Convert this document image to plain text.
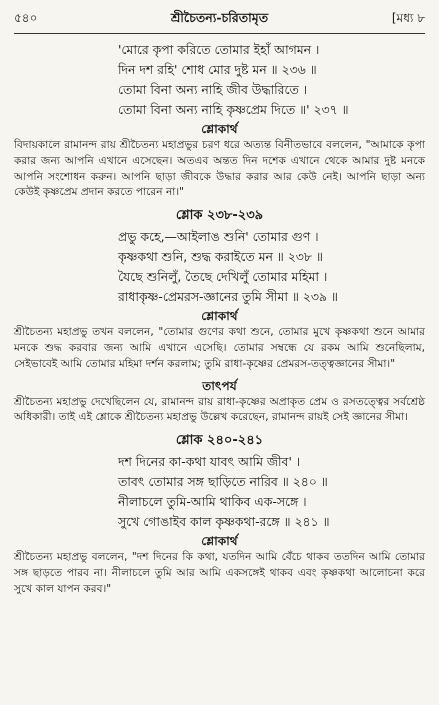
৫৪০	শ্রীচৈতন্য-চরিতামৃত	[মধ্য ৮
'মোরে কৃপা করিতে তোমার ইহাঁ আগমন ।
দিন দশ রহি' শোধ মোর দুষ্ট মন ॥ ২৩৬ ॥
তোমা বিনা অন্য নাহি জীব উদ্ধারিতে ।
তোমা বিনা অন্য নাহি কৃষ্ণপ্রেম দিতে ॥' ২৩৭ ॥
শ্লোকার্থ

বিদায়কালে রামানন্দ রায় শ্রীচৈতন্য মহাপ্রভুর চরণ ধরে অত্যন্ত বিনীতভাবে বললেন, "আমাকে কৃপা করার জন্য আপনি এখানে এসেছেন। অতএব অন্তত দিন দশেক এখানে থেকে আমার দুষ্ট মনকে আপনি সংশোধন করুন। আপনি ছাড়া জীবকে উদ্ধার করার আর কেউ নেই। আপনি ছাড়া অন্য কেউই কৃষ্ণপ্রেম প্রদান করতে পারেন না।"

শ্লোক ২৩৮-২৩৯
প্রভু কহে,—আইলাঙ শুনি' তোমার গুণ ।
কৃষ্ণকথা শুনি, শুদ্ধ করাইতে মন ॥ ২৩৮ ॥
যৈছে শুনিলুঁ, তৈছে দেখিলুঁ তোমার মহিমা ।
রাধাকৃষ্ণ-প্রেমরস-জ্ঞানের তুমি সীমা ॥ ২৩৯ ॥
শ্লোকার্থ

শ্রীচৈতন্য মহাপ্রভু তখন বললেন, "তোমার গুণের কথা শুনে, তোমার মুখে কৃষ্ণকথা শুনে আমার মনকে শুদ্ধ করবার জন্য আমি এখানে এসেছি। তোমার সম্বন্ধে যে রকম আমি শুনেছিলাম, সেইভাবেই আমি তোমার মহিমা দর্শন করলাম; তুমি রাধা-কৃষ্ণের প্রেমরস-তত্ত্বজ্ঞানের সীমা।"

তাৎপর্য

শ্রীচৈতন্য মহাপ্রভু দেখেছিলেন যে, রামানন্দ রায় রাধা-কৃষ্ণের অপ্রাকৃত প্রেম ও রসতত্ত্বের সর্বশ্রেষ্ঠ অধিকারী। তাই এই শ্লোকে শ্রীচৈতন্য মহাপ্রভু উল্লেখ করেছেন, রামানন্দ রায়ই সেই জ্ঞানের সীমা।

শ্লোক ২৪০-২৪১
দশ দিনের কা-কথা যাবৎ আমি জীব' ।
তাবৎ তোমার সঙ্গ ছাড়িতে নারিব ॥ ২৪০ ॥
নীলাচলে তুমি-আমি থাকিব এক-সঙ্গে ।
সুখে গোঙাইব কাল কৃষ্ণকথা-রঙ্গে ॥ ২৪১ ॥
শ্লোকার্থ

শ্রীচৈতন্য মহাপ্রভু বললেন, "দশ দিনের কি কথা, যতদিন আমি বেঁচে থাকব ততদিন আমি তোমার সঙ্গ ছাড়তে পারব না। নীলাচলে তুমি আর আমি একসঙ্গেই থাকব এবং কৃষ্ণকথা আলোচনা করে সুখে কাল যাপন করব।"
